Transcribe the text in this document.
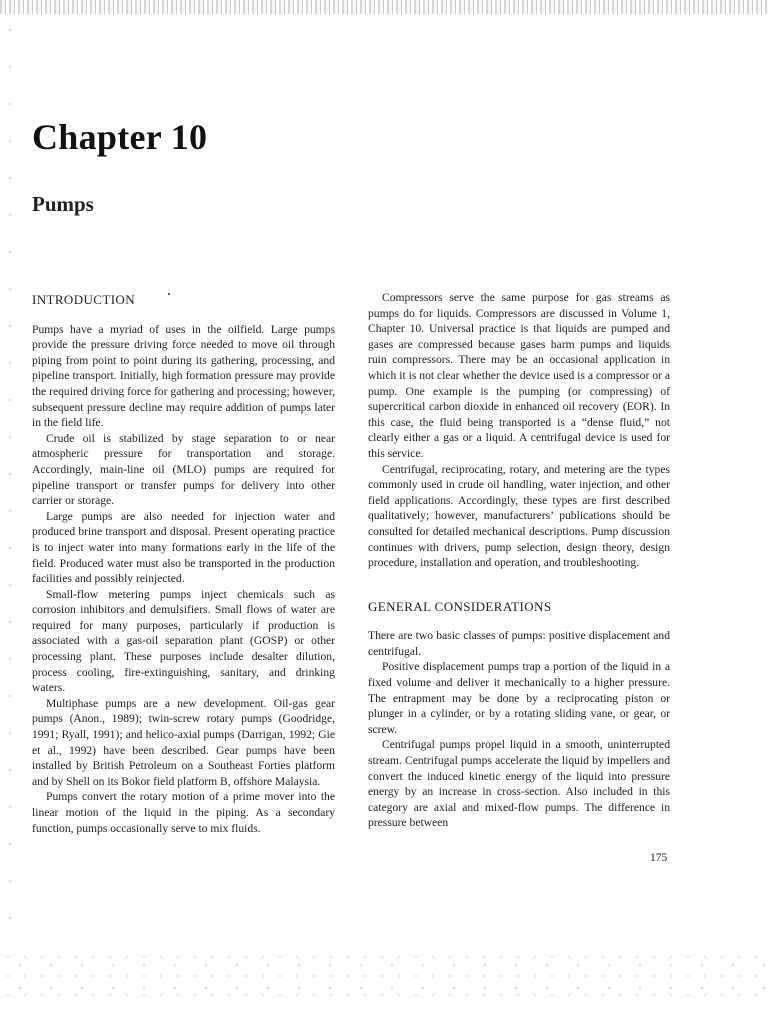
Chapter 10
Pumps
INTRODUCTION

Pumps have a myriad of uses in the oilfield. Large pumps provide the pressure driving force needed to move oil through piping from point to point during its gathering, processing, and pipeline transport. Initially, high formation pressure may provide the required driving force for gathering and processing; however, subsequent pressure decline may require addition of pumps later in the field life.

Crude oil is stabilized by stage separation to or near atmospheric pressure for transportation and storage. Accordingly, main-line oil (MLO) pumps are required for pipeline transport or transfer pumps for delivery into other carrier or storage.

Large pumps are also needed for injection water and produced brine transport and disposal. Present operating practice is to inject water into many formations early in the life of the field. Produced water must also be transported in the production facilities and possibly reinjected.

Small-flow metering pumps inject chemicals such as corrosion inhibitors and demulsifiers. Small flows of water are required for many purposes, particularly if production is associated with a gas-oil separation plant (GOSP) or other processing plant. These purposes include desalter dilution, process cooling, fire-extinguishing, sanitary, and drinking waters.

Multiphase pumps are a new development. Oil-gas gear pumps (Anon., 1989); twin-screw rotary pumps (Goodridge, 1991; Ryall, 1991); and helico-axial pumps (Darrigan, 1992; Gie et al., 1992) have been described. Gear pumps have been installed by British Petroleum on a Southeast Forties platform and by Shell on its Bokor field platform B, offshore Malaysia.

Pumps convert the rotary motion of a prime mover into the linear motion of the liquid in the piping. As a secondary function, pumps occasionally serve to mix fluids.

Compressors serve the same purpose for gas streams as pumps do for liquids. Compressors are discussed in Volume 1, Chapter 10. Universal practice is that liquids are pumped and gases are compressed because gases harm pumps and liquids ruin compressors. There may be an occasional application in which it is not clear whether the device used is a compressor or a pump. One example is the pumping (or compressing) of supercritical carbon dioxide in enhanced oil recovery (EOR). In this case, the fluid being transported is a “dense fluid,” not clearly either a gas or a liquid. A centrifugal device is used for this service.

Centrifugal, reciprocating, rotary, and metering are the types commonly used in crude oil handling, water injection, and other field applications. Accordingly, these types are first described qualitatively; however, manufacturers’ publications should be consulted for detailed mechanical descriptions. Pump discussion continues with drivers, pump selection, design theory, design procedure, installation and operation, and troubleshooting.

GENERAL CONSIDERATIONS

There are two basic classes of pumps: positive displacement and centrifugal.

Positive displacement pumps trap a portion of the liquid in a fixed volume and deliver it mechanically to a higher pressure. The entrapment may be done by a reciprocating piston or plunger in a cylinder, or by a rotating sliding vane, or gear, or screw.

Centrifugal pumps propel liquid in a smooth, uninterrupted stream. Centrifugal pumps accelerate the liquid by impellers and convert the induced kinetic energy of the liquid into pressure energy by an increase in cross-section. Also included in this category are axial and mixed-flow pumps. The difference in pressure between

175
